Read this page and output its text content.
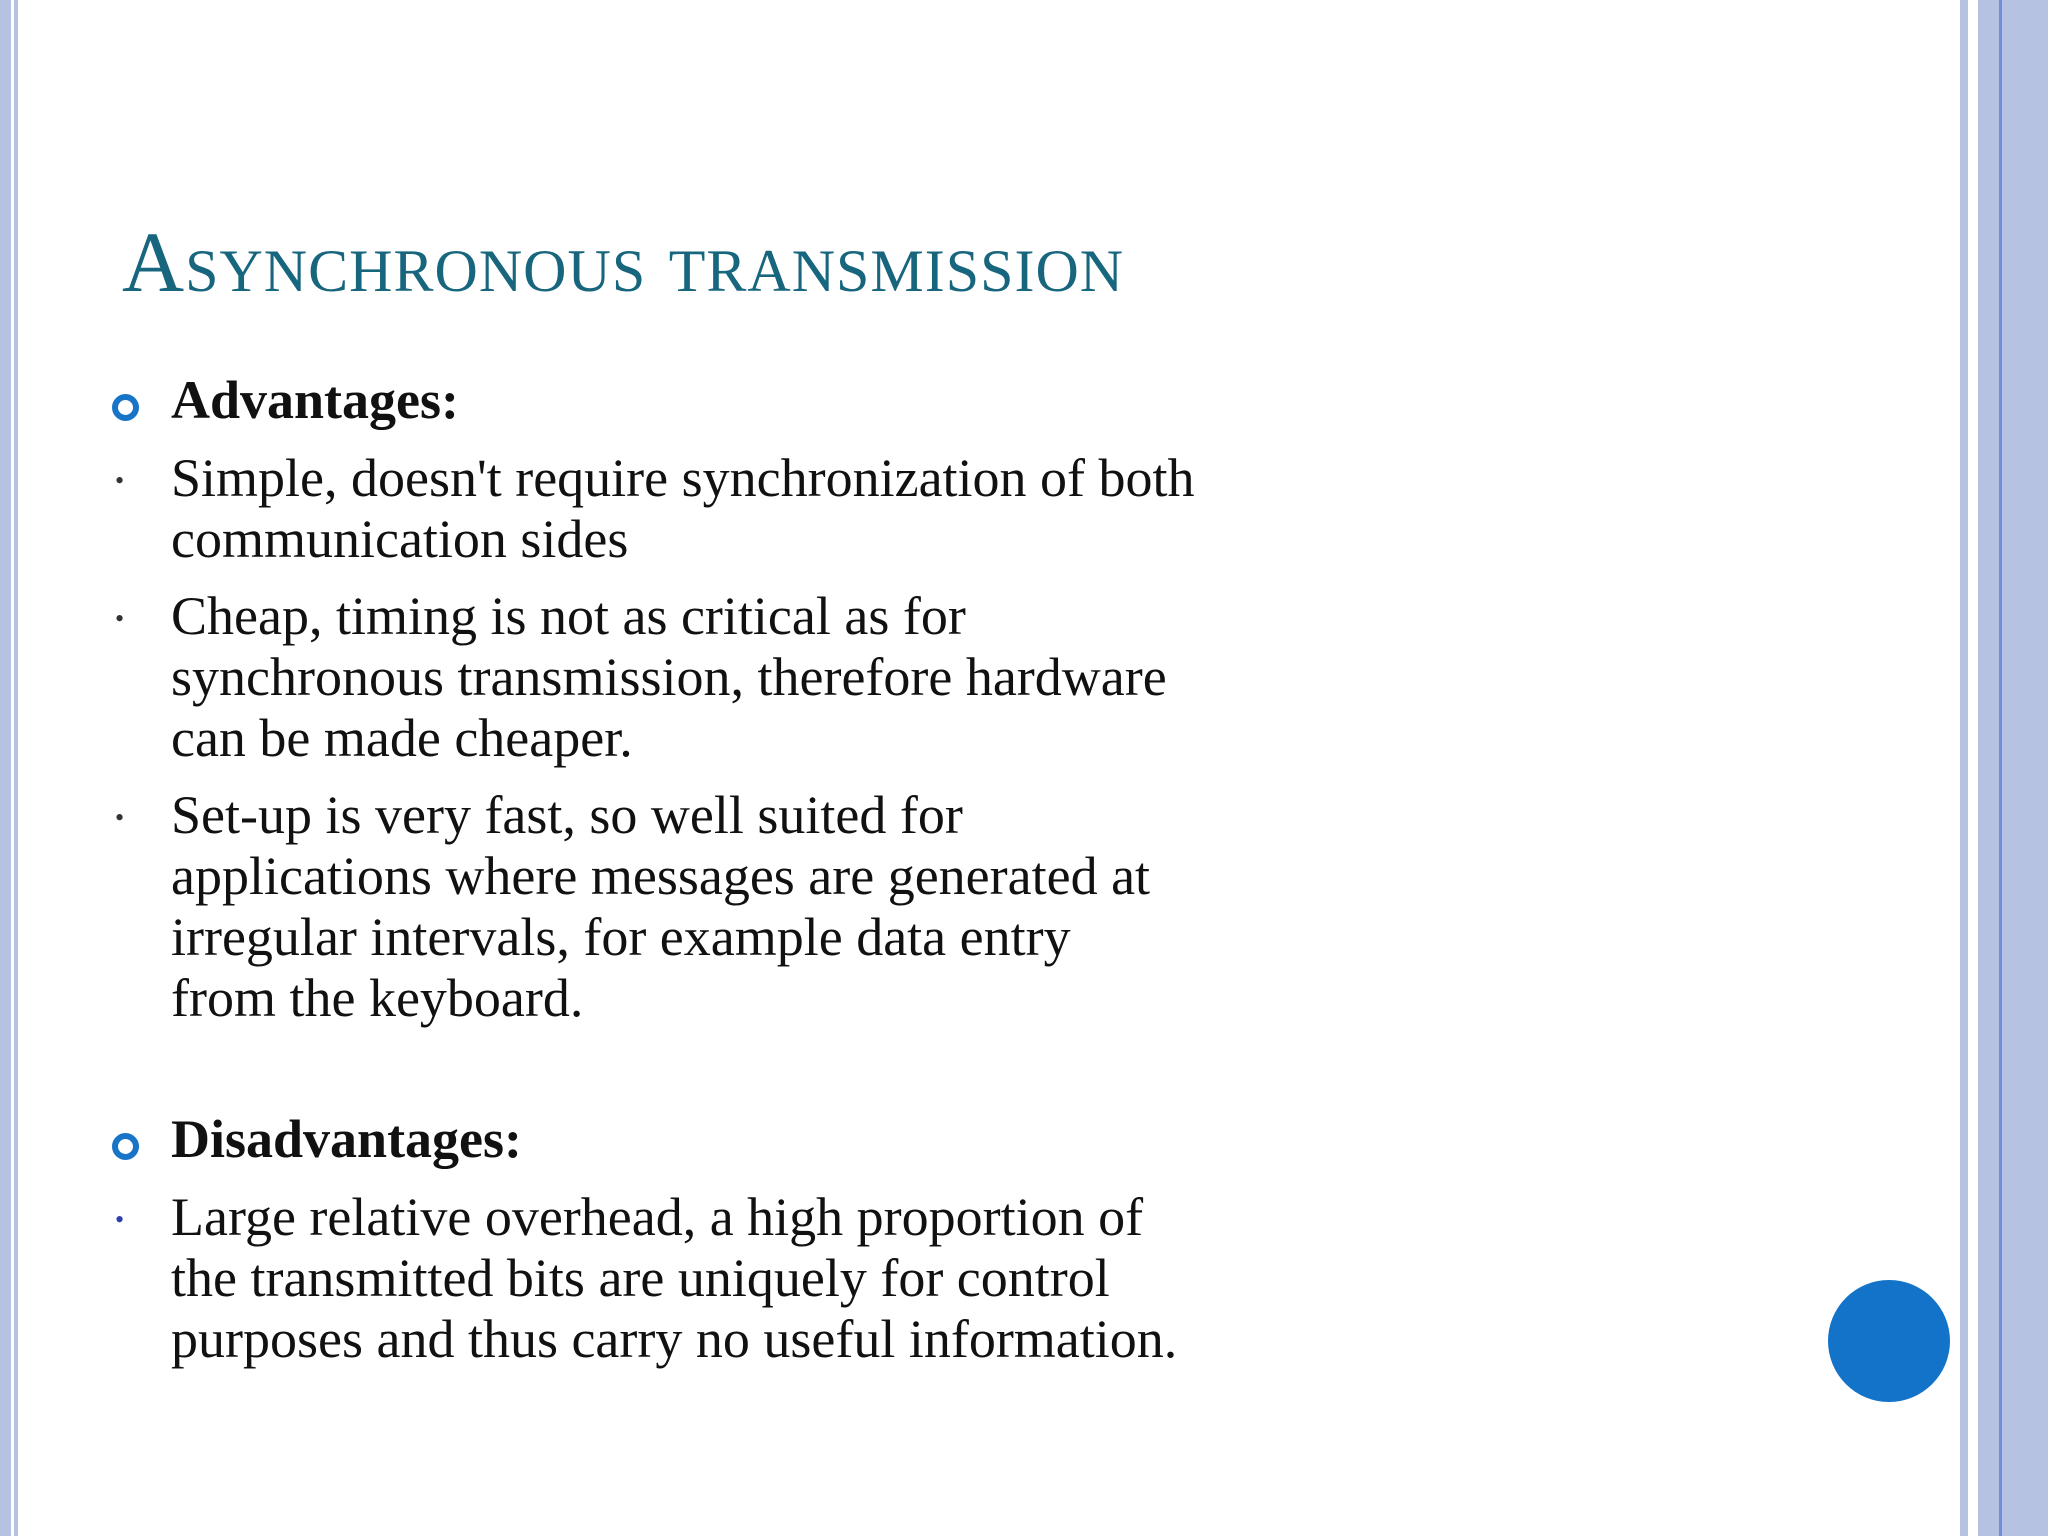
Asynchronous transmission
Advantages:
• Simple, doesn't require synchronization of both
communication sides
• Cheap, timing is not as critical as for
synchronous transmission, therefore hardware
can be made cheaper.
• Set-up is very fast, so well suited for
applications where messages are generated at
irregular intervals, for example data entry
from the keyboard.
Disadvantages:
• Large relative overhead, a high proportion of
the transmitted bits are uniquely for control
purposes and thus carry no useful information.
